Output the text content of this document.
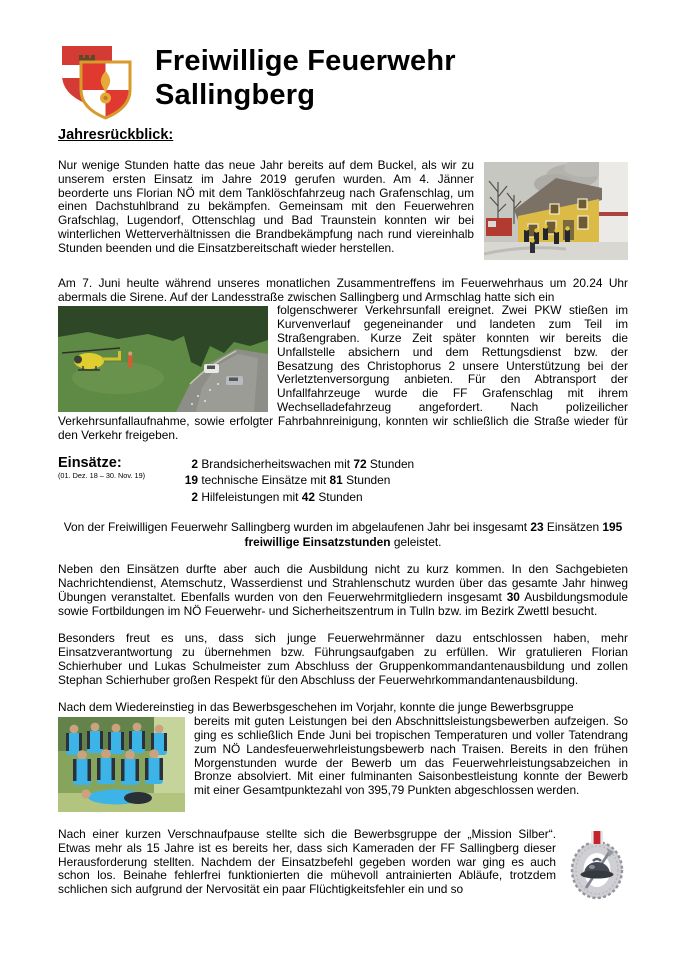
Freiwillige Feuerwehr
Sallingberg
Jahresrückblick:

Nur wenige Stunden hatte das neue Jahr bereits auf dem Buckel, als wir zu unserem ersten Einsatz im Jahre 2019 gerufen wurden. Am 4. Jänner beorderte uns Florian NÖ mit dem Tanklöschfahrzeug nach Grafenschlag, um einen Dachstuhlbrand zu bekämpfen. Gemeinsam mit den Feuerwehren Grafschlag, Lugendorf, Ottenschlag und Bad Traunstein konnten wir bei winterlichen Wetterverhältnissen die Brandbekämpfung nach rund viereinhalb Stunden beenden und die Einsatzbereitschaft wieder herstellen.

Am 7. Juni heulte während unseres monatlichen Zusammentreffens im Feuerwehrhaus um 20.24 Uhr abermals die Sirene. Auf der Landesstraße zwischen Sallingberg und Armschlag hatte sich ein

folgenschwerer Verkehrsunfall ereignet. Zwei PKW stießen im Kurvenverlauf gegeneinander und landeten zum Teil im Straßengraben. Kurze Zeit später konnten wir bereits die Unfallstelle absichern und dem Rettungsdienst bzw. der Besatzung des Christophorus 2 unsere Unterstützung bei der Verletztenversorgung anbieten. Für den Abtransport der Unfallfahrzeuge wurde die FF Grafenschlag mit ihrem Wechselladefahrzeug angefordert. Nach polizeilicher Verkehrsunfallaufnahme, sowie erfolgter Fahrbahnreinigung, konnten wir schließlich die Straße wieder für den Verkehr freigeben.

Einsätze:
(01. Dez. 18 – 30. Nov. 19)
2 Brandsicherheitswachen mit 72 Stunden
19 technische Einsätze mit 81 Stunden
2 Hilfeleistungen mit 42 Stunden
Von der Freiwilligen Feuerwehr Sallingberg wurden im abgelaufenen Jahr bei insgesamt 23 Einsätzen 195 freiwillige Einsatzstunden geleistet.

Neben den Einsätzen durfte aber auch die Ausbildung nicht zu kurz kommen. In den Sachgebieten Nachrichtendienst, Atemschutz, Wasserdienst und Strahlenschutz wurden über das gesamte Jahr hinweg Übungen veranstaltet. Ebenfalls wurden von den Feuerwehrmitgliedern insgesamt 30 Ausbildungsmodule sowie Fortbildungen im NÖ Feuerwehr- und Sicherheitszentrum in Tulln bzw. im Bezirk Zwettl besucht.

Besonders freut es uns, dass sich junge Feuerwehrmänner dazu entschlossen haben, mehr Einsatzverantwortung zu übernehmen bzw. Führungsaufgaben zu erfüllen. Wir gratulieren Florian Schierhuber und Lukas Schulmeister zum Abschluss der Gruppenkommandantenausbildung und zollen Stephan Schierhuber großen Respekt für den Abschluss der Feuerwehrkommandantenausbildung.

Nach dem Wiedereinstieg in das Bewerbsgeschehen im Vorjahr, konnte die junge Bewerbsgruppe

bereits mit guten Leistungen bei den Abschnittsleistungsbewerben aufzeigen. So ging es schließlich Ende Juni bei tropischen Temperaturen und voller Tatendrang zum NÖ Landesfeuerwehrleistungsbewerb nach Traisen. Bereits in den frühen Morgenstunden wurde der Bewerb um das Feuerwehrleistungsabzeichen in Bronze absolviert. Mit einer fulminanten Saisonbestleistung konnte der Bewerb mit einer Gesamtpunktezahl von 395,79 Punkten abgeschlossen werden.

Nach einer kurzen Verschnaufpause stellte sich die Bewerbsgruppe der „Mission Silber“. Etwas mehr als 15 Jahre ist es bereits her, dass sich Kameraden der FF Sallingberg dieser Herausforderung stellten. Nachdem der Einsatzbefehl gegeben worden war ging es auch schon los. Beinahe fehlerfrei funktionierten die mühevoll antrainierten Abläufe, trotzdem schlichen sich aufgrund der Nervosität ein paar Flüchtigkeitsfehler ein und so
